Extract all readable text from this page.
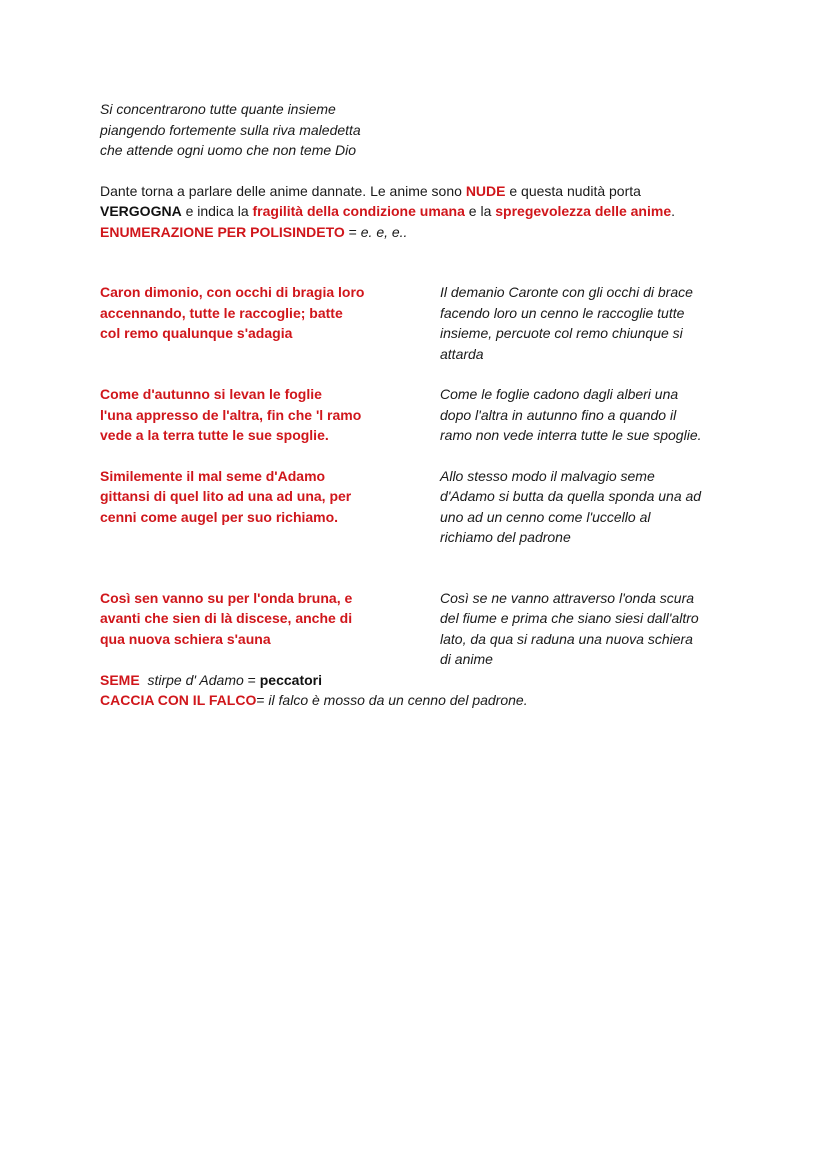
Si concentrarono tutte quante insieme
piangendo fortemente sulla riva maledetta
che attende ogni uomo che non teme Dio
Dante torna a parlare delle anime dannate. Le anime sono NUDE e questa nudità porta
VERGOGNA e indica la fragilità della condizione umana e la spregevolezza delle anime.
ENUMERAZIONE PER POLISINDETO = e. e, e..
Caron dimonio, con occhi di bragia loro
accennando, tutte le raccoglie; batte
col remo qualunque s'adagia
Il demanio Caronte con gli occhi di brace
facendo loro un cenno le raccoglie tutte
insieme, percuote col remo chiunque si
attarda
Come d'autunno si levan le foglie
l'una appresso de l'altra, fin che 'l ramo
vede a la terra tutte le sue spoglie.
Come le foglie cadono dagli alberi una
dopo l'altra in autunno fino a quando il
ramo non vede interra tutte le sue spoglie.
Similemente il mal seme d'Adamo
gittansi di quel lito ad una ad una, per
cenni come augel per suo richiamo.
Allo stesso modo il malvagio seme
d'Adamo si butta da quella sponda una ad
uno ad un cenno come l'uccello al
richiamo del padrone
Così sen vanno su per l'onda bruna, e
avanti che sien di là discese, anche di
qua nuova schiera s'auna
Così se ne vanno attraverso l'onda scura
del fiume e prima che siano siesi dall'altro
lato, da qua si raduna una nuova schiera
di anime
SEME  stirpe d' Adamo = peccatori
CACCIA CON IL FALCO= il falco è mosso da un cenno del padrone.
